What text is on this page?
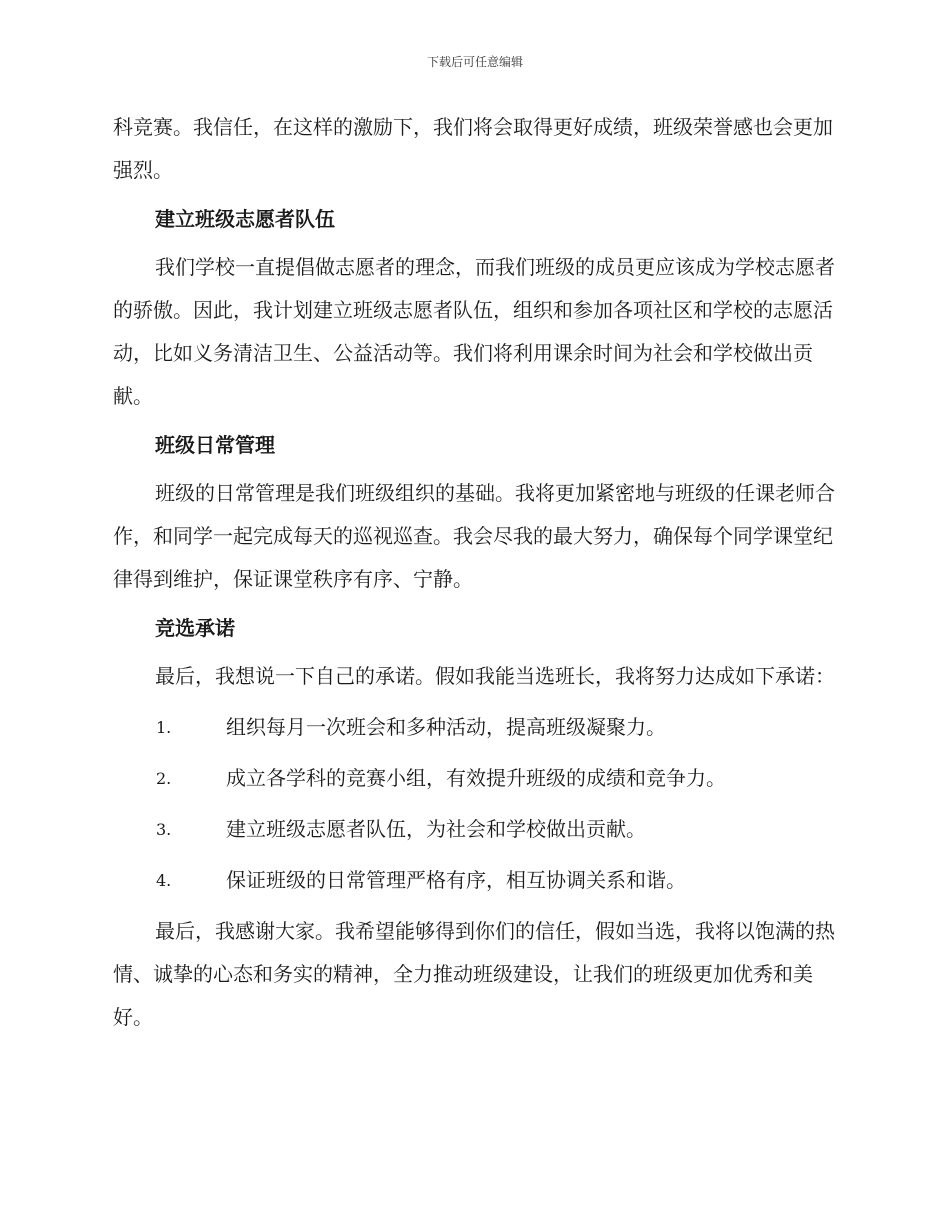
下载后可任意编辑

科竞赛。我信任，在这样的激励下，我们将会取得更好成绩，班级荣誉感也会更加强烈。

建立班级志愿者队伍

我们学校一直提倡做志愿者的理念，而我们班级的成员更应该成为学校志愿者的骄傲。因此，我计划建立班级志愿者队伍，组织和参加各项社区和学校的志愿活动，比如义务清洁卫生、公益活动等。我们将利用课余时间为社会和学校做出贡献。

班级日常管理

班级的日常管理是我们班级组织的基础。我将更加紧密地与班级的任课老师合作，和同学一起完成每天的巡视巡查。我会尽我的最大努力，确保每个同学课堂纪律得到维护，保证课堂秩序有序、宁静。

竞选承诺

最后，我想说一下自己的承诺。假如我能当选班长，我将努力达成如下承诺：

1.	组织每月一次班会和多种活动，提高班级凝聚力。
2.	成立各学科的竞赛小组，有效提升班级的成绩和竞争力。
3.	建立班级志愿者队伍，为社会和学校做出贡献。
4.	保证班级的日常管理严格有序，相互协调关系和谐。

最后，我感谢大家。我希望能够得到你们的信任，假如当选，我将以饱满的热情、诚挚的心态和务实的精神，全力推动班级建设，让我们的班级更加优秀和美好。
